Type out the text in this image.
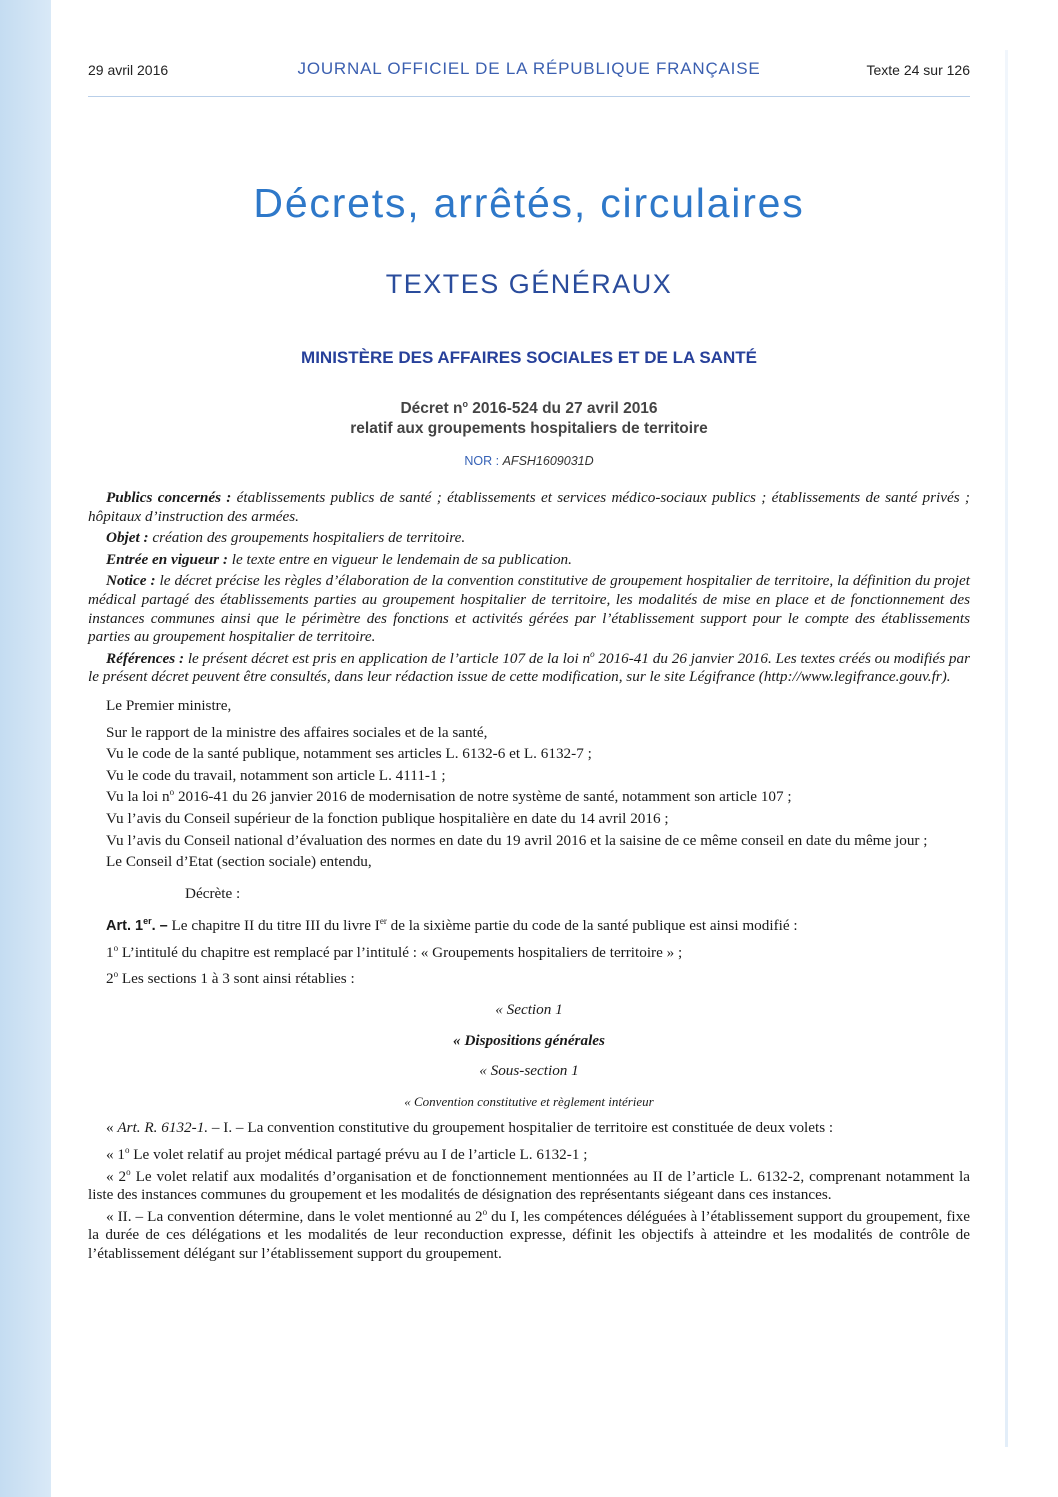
29 avril 2016	JOURNAL OFFICIEL DE LA RÉPUBLIQUE FRANÇAISE	Texte 24 sur 126
Décrets, arrêtés, circulaires
TEXTES GÉNÉRAUX
MINISTÈRE DES AFFAIRES SOCIALES ET DE LA SANTÉ
Décret $n^o$ 2016-524 du 27 avril 2016
relatif aux groupements hospitaliers de territoire
NOR : AFSH1609031D

Publics concernés : établissements publics de santé ; établissements et services médico-sociaux publics ; établissements de santé privés ; hôpitaux d’instruction des armées.

Objet : création des groupements hospitaliers de territoire.

Entrée en vigueur : le texte entre en vigueur le lendemain de sa publication.

Notice : le décret précise les règles d’élaboration de la convention constitutive de groupement hospitalier de territoire, la définition du projet médical partagé des établissements parties au groupement hospitalier de territoire, les modalités de mise en place et de fonctionnement des instances communes ainsi que le périmètre des fonctions et activités gérées par l’établissement support pour le compte des établissements parties au groupement hospitalier de territoire.

Références : le présent décret est pris en application de l’article 107 de la loi $n^o$ 2016-41 du 26 janvier 2016. Les textes créés ou modifiés par le présent décret peuvent être consultés, dans leur rédaction issue de cette modification, sur le site Légifrance (http://www.legifrance.gouv.fr).

Le Premier ministre,

Sur le rapport de la ministre des affaires sociales et de la santé,

Vu le code de la santé publique, notamment ses articles L. 6132-6 et L. 6132-7 ;

Vu le code du travail, notamment son article L. 4111-1 ;

Vu la loi $n^o$ 2016-41 du 26 janvier 2016 de modernisation de notre système de santé, notamment son article 107 ;

Vu l’avis du Conseil supérieur de la fonction publique hospitalière en date du 14 avril 2016 ;

Vu l’avis du Conseil national d’évaluation des normes en date du 19 avril 2016 et la saisine de ce même conseil en date du même jour ;

Le Conseil d’Etat (section sociale) entendu,

Décrète :

Art. 1er. – Le chapitre II du titre III du livre Ier de la sixième partie du code de la santé publique est ainsi modifié :

1$^o$ L’intitulé du chapitre est remplacé par l’intitulé : « Groupements hospitaliers de territoire » ;

2$^o$ Les sections 1 à 3 sont ainsi rétablies :

« Section 1

« Dispositions générales

« Sous-section 1

« Convention constitutive et règlement intérieur

« Art. R. 6132-1. – I. – La convention constitutive du groupement hospitalier de territoire est constituée de deux volets :

« 1$^o$ Le volet relatif au projet médical partagé prévu au I de l’article L. 6132-1 ;

« 2$^o$ Le volet relatif aux modalités d’organisation et de fonctionnement mentionnées au II de l’article L. 6132-2, comprenant notamment la liste des instances communes du groupement et les modalités de désignation des représentants siégeant dans ces instances.

« II. – La convention détermine, dans le volet mentionné au 2$^o$ du I, les compétences déléguées à l’établissement support du groupement, fixe la durée de ces délégations et les modalités de leur reconduction expresse, définit les objectifs à atteindre et les modalités de contrôle de l’établissement délégant sur l’établissement support du groupement.
